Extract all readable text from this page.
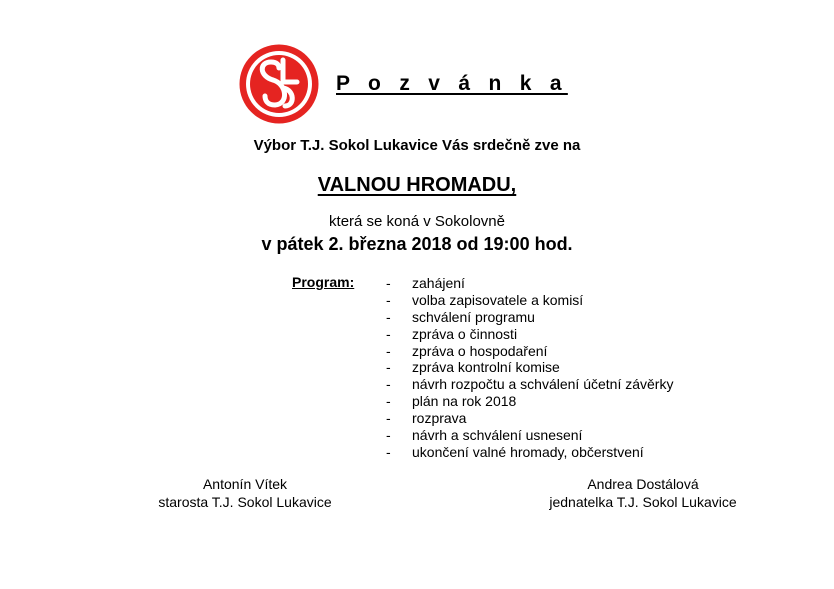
P o z v á n k a
Výbor T.J. Sokol Lukavice Vás srdečně zve na
VALNOU HROMADU,
která se koná v Sokolovně
v pátek 2. března 2018 od 19:00 hod.
Program: - zahájení
- volba zapisovatele a komisí
- schválení programu
- zpráva o činnosti
- zpráva o hospodaření
- zpráva kontrolní komise
- návrh rozpočtu a schválení účetní závěrky
- plán na rok 2018
- rozprava
- návrh a schválení usnesení
- ukončení valné hromady, občerstvení
Antonín Vítek
starosta T.J. Sokol Lukavice
Andrea Dostálová
jednatelka T.J. Sokol Lukavice
